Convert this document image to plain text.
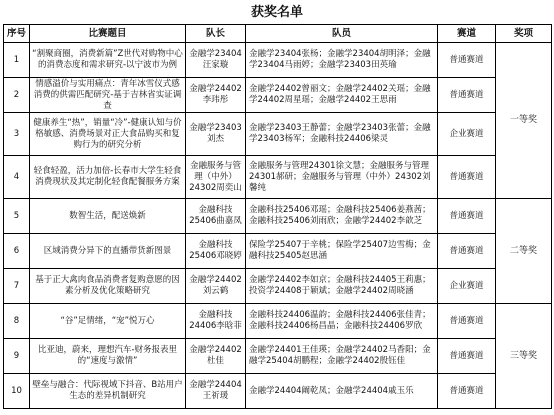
获奖名单
序号	比赛题目	队长	队员	赛道	奖项
1	“割聚商圈，消费新篇”Z世代对购物中心的消费态度和需求研究-以宁波市为例	金融学23404汪家璇	金融学23404张杨；金融学23404胡明泽；金融学23404马雨婷；金融学23403田英瑜	普通赛道	一等奖
2	情感溢价与实用痛点：青年冰雪仪式感消费的供需匹配研究-基于吉林省实证调查	金融学24402李玮彤	金融学24402曾丽文；金融学24402关瑶；金融学24402周星瑶；金融学24402王思雨	普通赛道	
3	健康养生“热”，销量“冷”-健康认知与价格敏感、消费场景对正大食品购买和复购行为的研究分析	金融学23403刘杰	金融学23403王静蕾；金融学23403张蕾；金融学23403杨军；金融科技24406梁灵	企业赛道	
4	轻食轻盈，活力加倍-长春市大学生轻食消费现状及其定制化轻食配餐服务方案	金融服务与管理（中外）24302周奕山	金融服务与管理24301徐文慧；金融服务与管理24301郝研；金融服务与管理（中外）24302刘馨纯	普通赛道	
5	数智生活，配送焕新	金融科技25406曲嘉凤	金融科技25406邓瑶；金融科技25406姜燕茜；金融科技25406刘雨欣；金融学24402李歆芝	普通赛道	二等奖
6	区域消费分异下的直播带货新图景	金融科技25406邓晓婷	保险学25407于辛桃；保险学25407边雪梅；金融科技25405赵思涵	普通赛道	
7	基于正大禽肉食品消费者复购意愿的因素分析及优化策略研究	金融学24402刘云鹤	金融学24402李如京；金融科技24405王莉惠；投资学24408于颖斌；金融学24402周晓涵	企业赛道	
8	“谷”足情绪，“宠”悦万心	金融科技24406李晗菲	金融科技24406温韵；金融科技24406张佳青；金融科技24406杨昌晶；金融科技24406罗欣	普通赛道	三等奖
9	比亚迪，蔚来，理想汽车-财务报表里的“速度与激情”	金融学24402杜佳	金融学24401王佳瑛；金融学24402马香阳；金融学25404胡鹏程；金融学24402殷钰佳	普通赛道	
10	壁垒与融合：代际视域下抖音、B站用户生态的差异机制研究	金融学24404王祈瑗	金融学24404阚乾凤；金融学24404戚玉乐	普通赛道	
